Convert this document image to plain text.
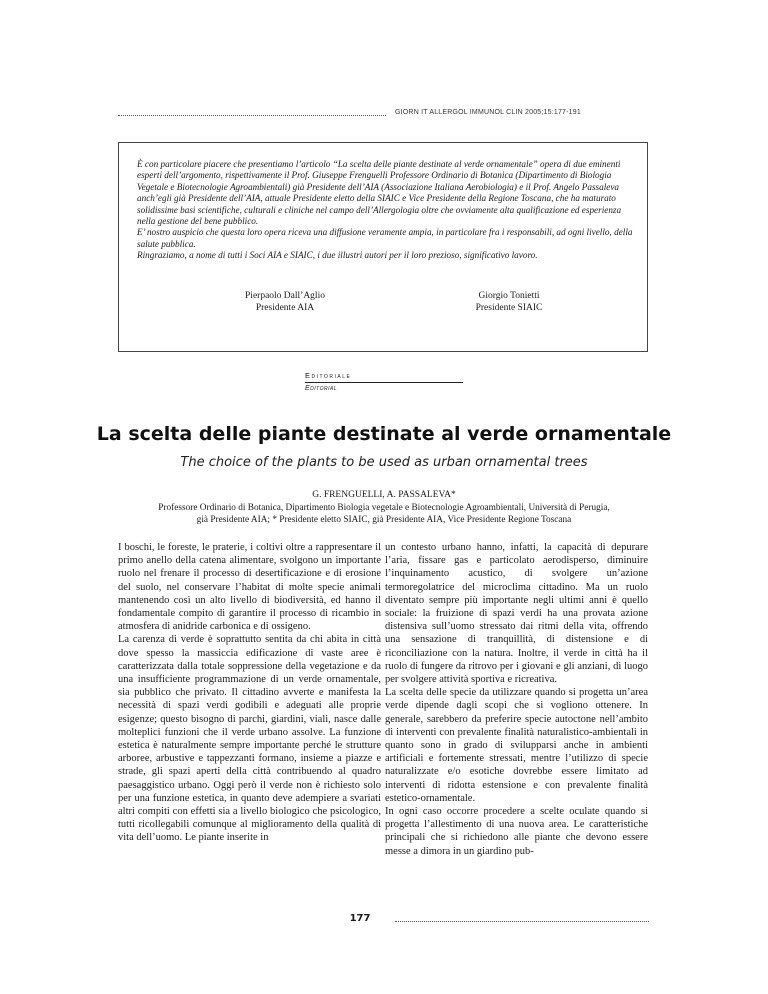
GIORN IT ALLERGOL IMMUNOL CLIN 2005;15:177-191

È con particolare piacere che presentiamo l’articolo “La scelta delle piante destinate al verde ornamentale” opera di due eminenti esperti dell’argomento, rispettivamente il Prof. Giuseppe Frenguelli Professore Ordinario di Botanica (Dipartimento di Biologia Vegetale e Biotecnologie Agroambientali) già Presidente dell’AIA (Associazione Italiana Aerobiologia) e il Prof. Angelo Passaleva anch’egli già Presidente dell’AIA, attuale Presidente eletto della SIAIC e Vice Presidente della Regione Toscana, che ha maturato solidissime basi scientifiche, culturali e cliniche nel campo dell’Allergologia oltre che ovviamente alta qualificazione ed esperienza nella gestione del bene pubblico.

E’ nostro auspicio che questa loro opera riceva una diffusione veramente ampia, in particolare fra i responsabili, ad ogni livello, della salute pubblica.

Ringraziamo, a nome di tutti i Soci AIA e SIAIC, i due illustri autori per il loro prezioso, significativo lavoro.

Pierpaolo Dall’Aglio
Presidente AIA
Giorgio Tonietti
Presidente SIAIC
Editoriale
Editorial
La scelta delle piante destinate al verde ornamentale
The choice of the plants to be used as urban ornamental trees
G. FRENGUELLI, A. PASSALEVA*
Professore Ordinario di Botanica, Dipartimento Biologia vegetale e Biotecnologie Agroambientali, Università di Perugia,
già Presidente AIA; * Presidente eletto SIAIC, già Presidente AIA, Vice Presidente Regione Toscana

I boschi, le foreste, le praterie, i coltivi oltre a rappresentare il primo anello della catena alimentare, svolgono un importante ruolo nel frenare il processo di desertificazione e di erosione del suolo, nel conservare l’habitat di molte specie animali mantenendo così un alto livello di biodiversità, ed hanno il fondamentale compito di garantire il processo di ricambio in atmosfera di anidride carbonica e di ossigeno.

La carenza di verde è soprattutto sentita da chi abita in città dove spesso la massiccia edificazione di vaste aree è caratterizzata dalla totale soppressione della vegetazione e da una insufficiente programmazione di un verde ornamentale, sia pubblico che privato. Il cittadino avverte e manifesta la necessità di spazi verdi godibili e adeguati alle proprie esigenze; questo bisogno di parchi, giardini, viali, nasce dalle molteplici funzioni che il verde urbano assolve. La funzione estetica è naturalmente sempre importante perché le strutture arboree, arbustive e tappezzanti formano, insieme a piazze e strade, gli spazi aperti della città contribuendo al quadro paesaggistico urbano. Oggi però il verde non è richiesto solo per una funzione estetica, in quanto deve adempiere a svariati altri compiti con effetti sia a livello biologico che psicologico, tutti ricollegabili comunque al miglioramento della qualità di vita dell’uomo. Le piante inserite in

un contesto urbano hanno, infatti, la capacità di depurare l’aria, fissare gas e particolato aerodisperso, diminuire l’inquinamento acustico, di svolgere un’azione termoregolatrice del microclima cittadino. Ma un ruolo diventato sempre più importante negli ultimi anni è quello sociale: la fruizione di spazi verdi ha una provata azione distensiva sull’uomo stressato dai ritmi della vita, offrendo una sensazione di tranquillità, di distensione e di riconciliazione con la natura. Inoltre, il verde in città ha il ruolo di fungere da ritrovo per i giovani e gli anziani, di luogo per svolgere attività sportiva e ricreativa.

La scelta delle specie da utilizzare quando si progetta un’area verde dipende dagli scopi che si vogliono ottenere. In generale, sarebbero da preferire specie autoctone nell’ambito di interventi con prevalente finalità naturalistico-ambientali in quanto sono in grado di svilupparsi anche in ambienti artificiali e fortemente stressati, mentre l’utilizzo di specie naturalizzate e/o esotiche dovrebbe essere limitato ad interventi di ridotta estensione e con prevalente finalità estetico-ornamentale.

In ogni caso occorre procedere a scelte oculate quando si progetta l’allestimento di una nuova area. Le caratteristiche principali che si richiedono alle piante che devono essere messe a dimora in un giardino pub-

177
